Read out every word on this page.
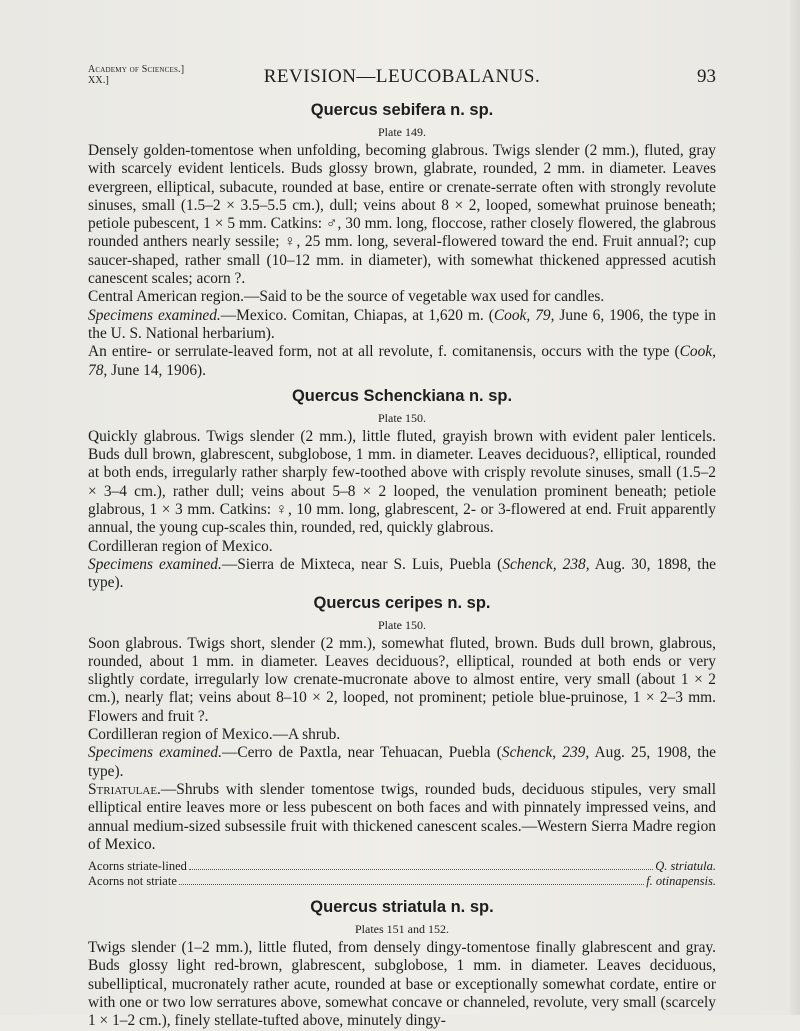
Academy of Sciences.]
XX.]	REVISION—LEUCOBALANUS.	93
Quercus sebifera n. sp.
Plate 149.

Densely golden-tomentose when unfolding, becoming glabrous. Twigs slender (2 mm.), fluted, gray with scarcely evident lenticels. Buds glossy brown, glabrate, rounded, 2 mm. in diameter. Leaves evergreen, elliptical, subacute, rounded at base, entire or crenate-serrate often with strongly revolute sinuses, small (1.5–2 × 3.5–5.5 cm.), dull; veins about 8 × 2, looped, somewhat pruinose beneath; petiole pubescent, 1 × 5 mm. Catkins: ♂, 30 mm. long, floccose, rather closely flowered, the glabrous rounded anthers nearly sessile; ♀, 25 mm. long, several-flowered toward the end. Fruit annual?; cup saucer-shaped, rather small (10–12 mm. in diameter), with somewhat thickened appressed acutish canescent scales; acorn ?.

Central American region.—Said to be the source of vegetable wax used for candles.

Specimens examined.—Mexico. Comitan, Chiapas, at 1,620 m. (Cook, 79, June 6, 1906, the type in the U. S. National herbarium).

An entire- or serrulate-leaved form, not at all revolute, f. comitanensis, occurs with the type (Cook, 78, June 14, 1906).

Quercus Schenckiana n. sp.
Plate 150.

Quickly glabrous. Twigs slender (2 mm.), little fluted, grayish brown with evident paler lenticels. Buds dull brown, glabrescent, subglobose, 1 mm. in diameter. Leaves deciduous?, elliptical, rounded at both ends, irregularly rather sharply few-toothed above with crisply revolute sinuses, small (1.5–2 × 3–4 cm.), rather dull; veins about 5–8 × 2 looped, the venulation prominent beneath; petiole glabrous, 1 × 3 mm. Catkins: ♀, 10 mm. long, glabrescent, 2- or 3-flowered at end. Fruit apparently annual, the young cup-scales thin, rounded, red, quickly glabrous.

Cordilleran region of Mexico.

Specimens examined.—Sierra de Mixteca, near S. Luis, Puebla (Schenck, 238, Aug. 30, 1898, the type).

Quercus ceripes n. sp.
Plate 150.

Soon glabrous. Twigs short, slender (2 mm.), somewhat fluted, brown. Buds dull brown, glabrous, rounded, about 1 mm. in diameter. Leaves deciduous?, elliptical, rounded at both ends or very slightly cordate, irregularly low crenate-mucronate above to almost entire, very small (about 1 × 2 cm.), nearly flat; veins about 8–10 × 2, looped, not prominent; petiole blue-pruinose, 1 × 2–3 mm. Flowers and fruit ?.

Cordilleran region of Mexico.—A shrub.

Specimens examined.—Cerro de Paxtla, near Tehuacan, Puebla (Schenck, 239, Aug. 25, 1908, the type).

Striatulae.—Shrubs with slender tomentose twigs, rounded buds, deciduous stipules, very small elliptical entire leaves more or less pubescent on both faces and with pinnately impressed veins, and annual medium-sized subsessile fruit with thickened canescent scales.—Western Sierra Madre region of Mexico.

Acorns striate-lined	Q. striatula.
Acorns not striate	f. otinapensis.
Quercus striatula n. sp.
Plates 151 and 152.

Twigs slender (1–2 mm.), little fluted, from densely dingy-tomentose finally glabrescent and gray. Buds glossy light red-brown, glabrescent, subglobose, 1 mm. in diameter. Leaves deciduous, subelliptical, mucronately rather acute, rounded at base or exceptionally somewhat cordate, entire or with one or two low serratures above, somewhat concave or channeled, revolute, very small (scarcely 1 × 1–2 cm.), finely stellate-tufted above, minutely dingy-
